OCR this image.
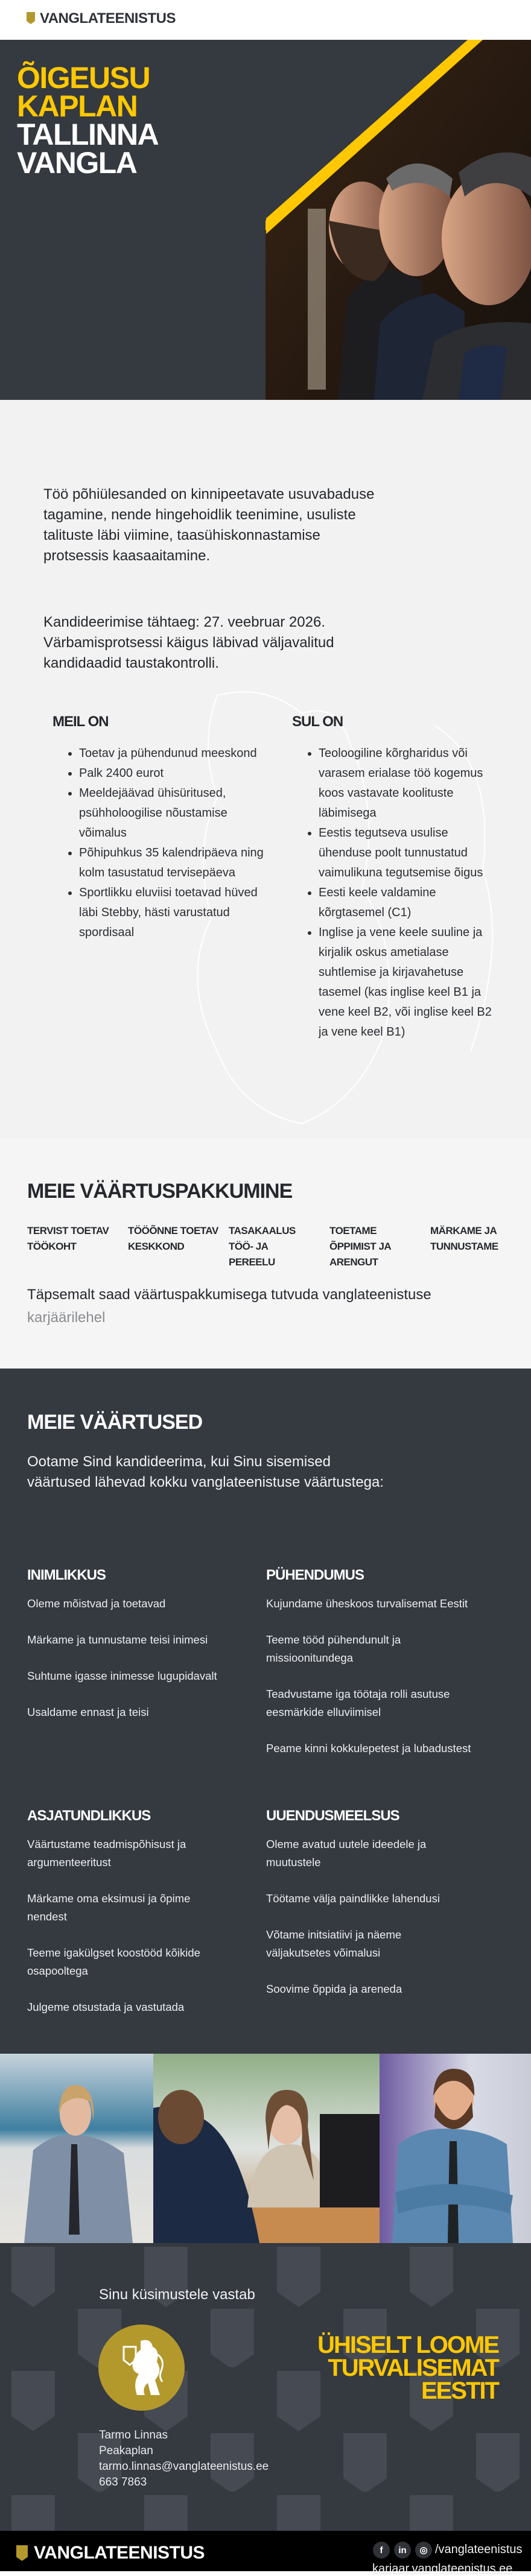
VANGLATEENISTUS
ÕIGEUSU
KAPLAN
TALLINNA
VANGLA
Töö põhiülesanded on kinnipeetavate usuvabaduse tagamine, nende hingehoidlik teenimine, usuliste talituste läbi viimine, taasühiskonnastamise protsessis kaasaaitamine.
Kandideerimise tähtaeg: 27. veebruar 2026.
Värbamisprotsessi käigus läbivad väljavalitud kandidaadid taustakontrolli.
MEIL ON
• Toetav ja pühendunud meeskond
• Palk 2400 eurot
• Meeldejäävad ühisüritused, psühholoogilise nõustamise võimalus
• Põhipuhkus 35 kalendripäeva ning kolm tasustatud tervisepäeva
• Sportlikku eluviisi toetavad hüved läbi Stebby, hästi varustatud spordisaal
SUL ON
• Teoloogiline kõrgharidus või varasem erialase töö kogemus koos vastavate koolituste läbimisega
• Eestis tegutseva usulise ühenduse poolt tunnustatud vaimulikuna tegutsemise õigus
• Eesti keele valdamine kõrgtasemel (C1)
• Inglise ja vene keele suuline ja kirjalik oskus ametialase suhtlemise ja kirjavahetuse tasemel (kas inglise keel B1 ja vene keel B2, või inglise keel B2 ja vene keel B1)
MEIE VÄÄRTUSPAKKUMINE
TERVIST TOETAV TÖÖKOHT
TÖÖÕNNE TOETAV KESKKOND
TASAKAALUS TÖÖ- JA PEREELU
TOETAME ÕPPIMIST JA ARENGUT
MÄRKAME JA TUNNUSTAME
Täpsemalt saad väärtuspakkumisega tutvuda vanglateenistuse
karjäärilehel
MEIE VÄÄRTUSED
Ootame Sind kandideerima, kui Sinu sisemised väärtused lähevad kokku vanglateenistuse väärtustega:
INIMLIKKUS
Oleme mõistvad ja toetavad
Märkame ja tunnustame teisi inimesi
Suhtume igasse inimesse lugupidavalt
Usaldame ennast ja teisi
PÜHENDUMUS
Kujundame üheskoos turvalisemat Eestit
Teeme tööd pühendunult ja missioonitundega
Teadvustame iga töötaja rolli asutuse eesmärkide elluviimisel
Peame kinni kokkulepetest ja lubadustest
ASJATUNDLIKKUS
Väärtustame teadmispõhisust ja argumenteeritust
Märkame oma eksimusi ja õpime nendest
Teeme igakülgset koostööd kõikide osapooltega
Julgeme otsustada ja vastutada
UUENDUSMEELSUS
Oleme avatud uutele ideedele ja muutustele
Töötame välja paindlikke lahendusi
Võtame initsiatiivi ja näeme väljakutsetes võimalusi
Soovime õppida ja areneda
Sinu küsimustele vastab
Tarmo Linnas
Peakaplan
tarmo.linnas@vanglateenistus.ee
663 7863
ÜHISELT LOOME
TURVALISEMAT
EESTIT
VANGLATEENISTUS	f	in	◎ /vanglateenistus
karjaar.vanglateenistus.ee
